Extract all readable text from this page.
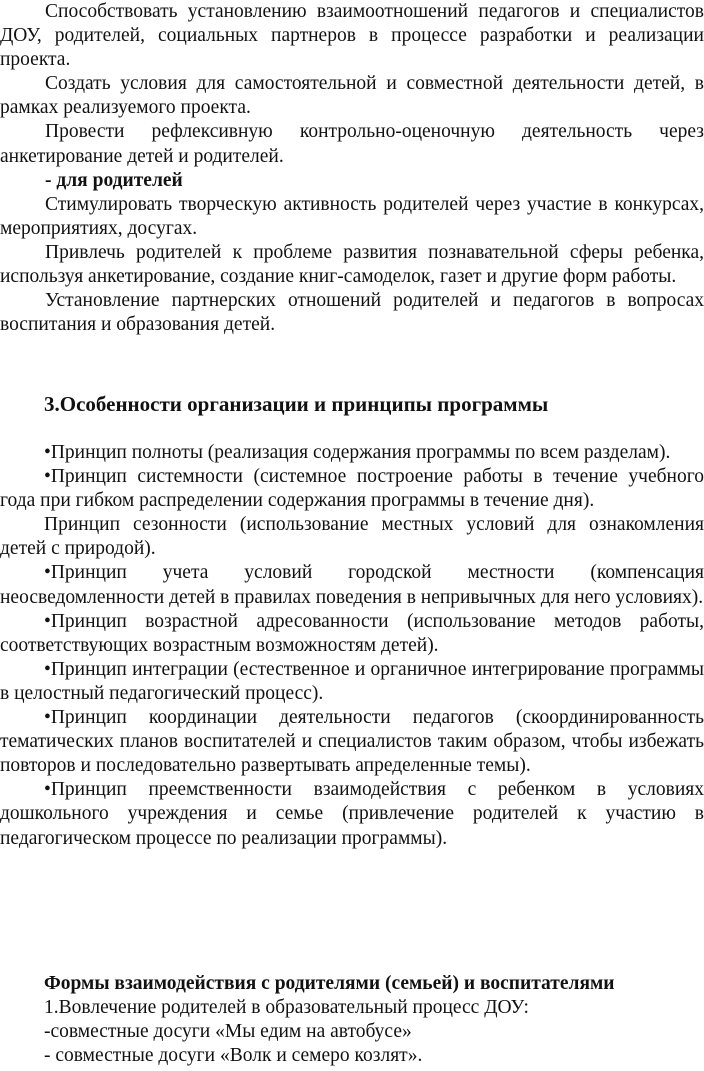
Способствовать установлению взаимоотношений педагогов и специалистов ДОУ, родителей, социальных партнеров в процессе разработки и реализации проекта.

Создать условия для самостоятельной и совместной деятельности детей, в рамках реализуемого проекта.

Провести рефлексивную контрольно-оценочную деятельность через анкетирование детей и родителей.

- для родителей

Стимулировать творческую активность родителей через участие в конкурсах, мероприятиях, досугах.

Привлечь родителей к проблеме развития познавательной сферы ребенка, используя анкетирование, создание книг-самоделок, газет и другие форм работы.

Установление партнерских отношений родителей и педагогов в вопросах воспитания и образования детей.

3.Особенности организации и принципы программы

•Принцип полноты (реализация содержания программы по всем разделам).

•Принцип системности (системное построение работы в течение учебного года при гибком распределении содержания программы в течение дня).

Принцип сезонности (использование местных условий для ознакомления детей с природой).

•Принцип учета условий городской местности (компенсация неосведомленности детей в правилах поведения в непривычных для него условиях).

•Принцип возрастной адресованности (использование методов работы, соответствующих возрастным возможностям детей).

•Принцип интеграции (естественное и органичное интегрирование программы в целостный педагогический процесс).

•Принцип координации деятельности педагогов (скоординированность тематических планов воспитателей и специалистов таким образом, чтобы избежать повторов и последовательно развертывать апределенные темы).

•Принцип преемственности взаимодействия с ребенком в условиях дошкольного учреждения и семье (привлечение родителей к участию в педагогическом процессе по реализации программы).

Формы взаимодействия с родителями (семьей) и воспитателями

1.Вовлечение родителей в образовательный процесс ДОУ:

-совместные досуги «Мы едим на автобусе»

- совместные досуги «Волк и семеро козлят».
